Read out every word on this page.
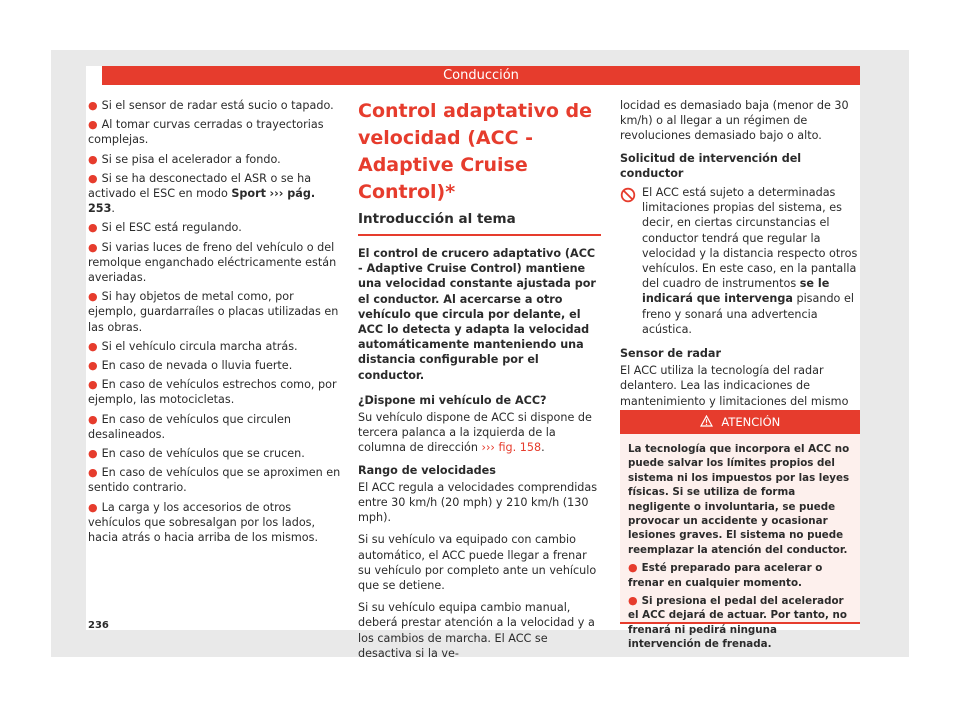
Conducción
● Si el sensor de radar está sucio o tapado.
● Al tomar curvas cerradas o trayectorias complejas.
● Si se pisa el acelerador a fondo.
● Si se ha desconectado el ASR o se ha activado el ESC en modo Sport ››› pág. 253.
● Si el ESC está regulando.
● Si varias luces de freno del vehículo o del remolque enganchado eléctricamente están averiadas.
● Si hay objetos de metal como, por ejemplo, guardarraíles o placas utilizadas en las obras.
● Si el vehículo circula marcha atrás.
● En caso de nevada o lluvia fuerte.
● En caso de vehículos estrechos como, por ejemplo, las motocicletas.
● En caso de vehículos que circulen desalineados.
● En caso de vehículos que se crucen.
● En caso de vehículos que se aproximen en sentido contrario.
● La carga y los accesorios de otros vehículos que sobresalgan por los lados, hacia atrás o hacia arriba de los mismos.
Control adaptativo de velocidad (ACC - Adaptive Cruise Control)*
Introducción al tema
El control de crucero adaptativo (ACC - Adaptive Cruise Control) mantiene una velocidad constante ajustada por el conductor. Al acercarse a otro vehículo que circula por delante, el ACC lo detecta y adapta la velocidad automáticamente manteniendo una distancia configurable por el conductor.
¿Dispone mi vehículo de ACC?
Su vehículo dispone de ACC si dispone de tercera palanca a la izquierda de la columna de dirección ››› fig. 158.
Rango de velocidades
El ACC regula a velocidades comprendidas entre 30 km/h (20 mph) y 210 km/h (130 mph).
Si su vehículo va equipado con cambio automático, el ACC puede llegar a frenar su vehículo por completo ante un vehículo que se detiene.
Si su vehículo equipa cambio manual, deberá prestar atención a la velocidad y a los cambios de marcha. El ACC se desactiva si la ve-
locidad es demasiado baja (menor de 30 km/h) o al llegar a un régimen de revoluciones demasiado bajo o alto.
Solicitud de intervención del conductor
El ACC está sujeto a determinadas limitaciones propias del sistema, es decir, en ciertas circunstancias el conductor tendrá que regular la velocidad y la distancia respecto otros vehículos. En este caso, en la pantalla del cuadro de instrumentos se le indicará que intervenga pisando el freno y sonará una advertencia acústica.
Sensor de radar
El ACC utiliza la tecnología del radar delantero. Lea las indicaciones de mantenimiento y limitaciones del mismo
ATENCIÓN

La tecnología que incorpora el ACC no puede salvar los límites propios del sistema ni los impuestos por las leyes físicas. Si se utiliza de forma negligente o involuntaria, se puede provocar un accidente y ocasionar lesiones graves. El sistema no puede reemplazar la atención del conductor.

● Esté preparado para acelerar o frenar en cualquier momento.

● Si presiona el pedal del acelerador el ACC dejará de actuar. Por tanto, no frenará ni pedirá ninguna intervención de frenada.

236
